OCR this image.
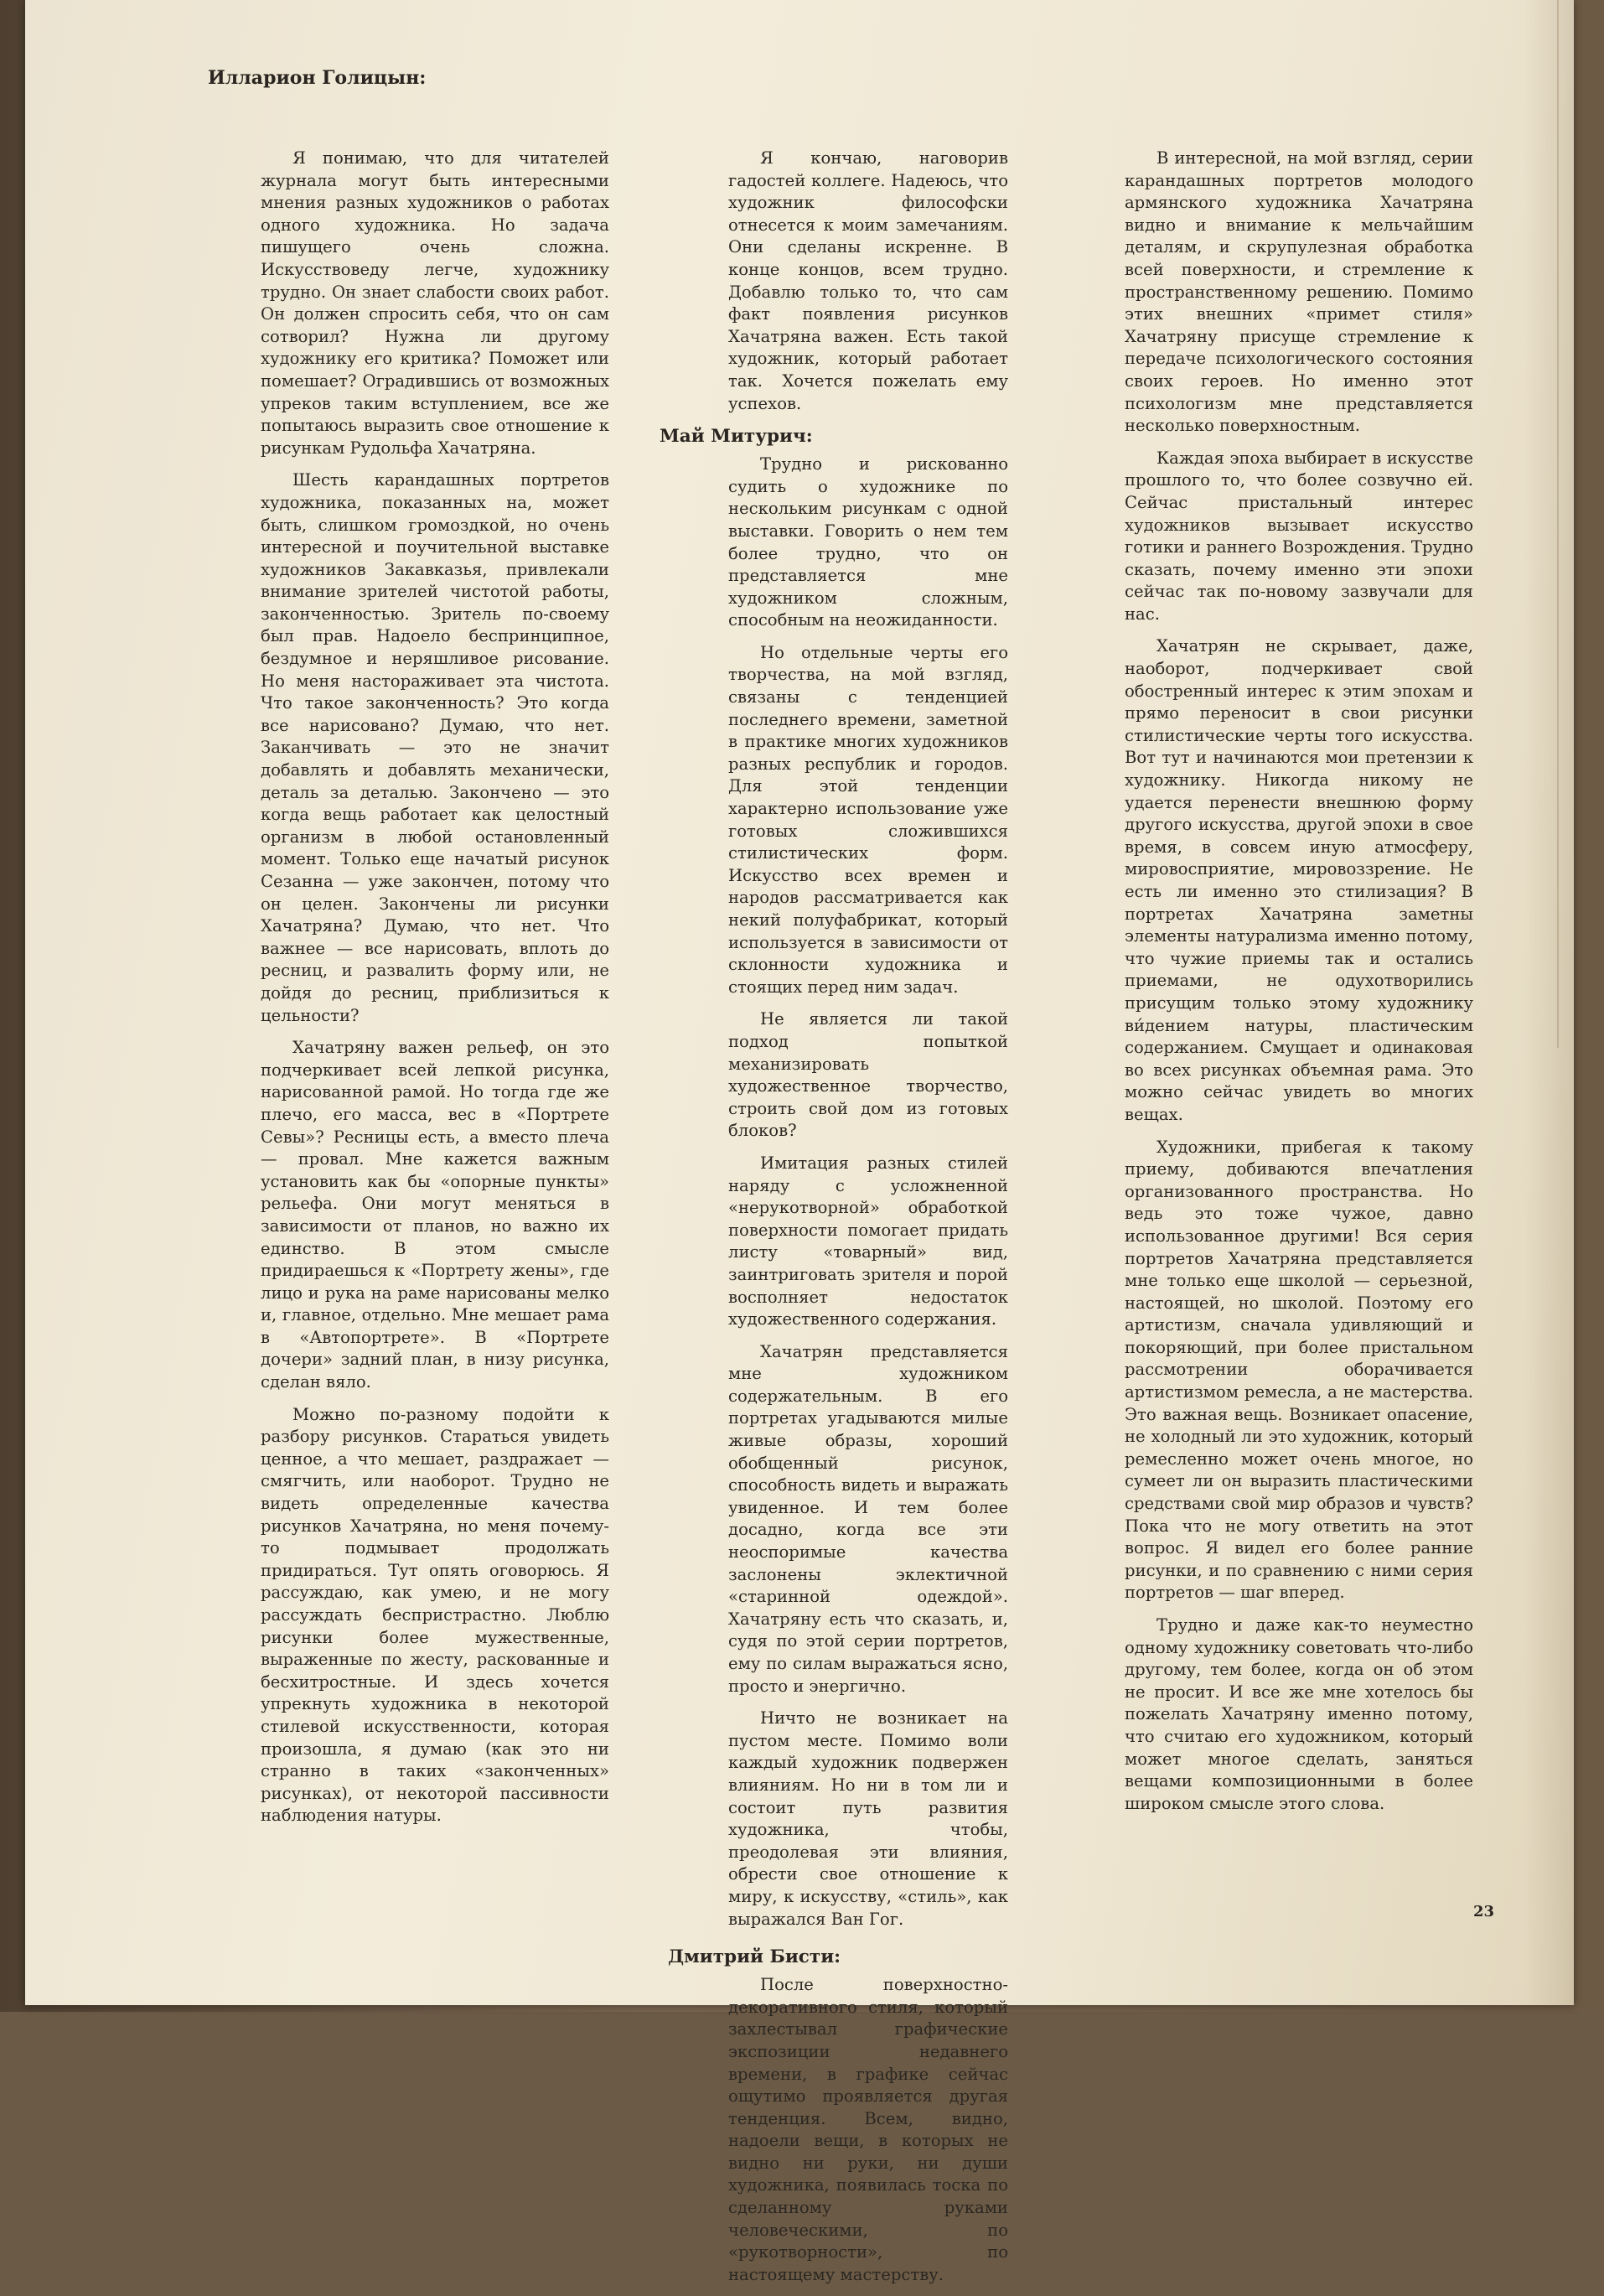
Илларион Голицын:

Я понимаю, что для читателей журнала могут быть интересными мнения разных художников о работах одного художника. Но задача пишущего очень сложна. Искусствоведу легче, художнику трудно. Он знает слабости своих работ. Он должен спросить себя, что он сам сотворил? Нужна ли другому художнику его критика? Поможет или помешает? Оградившись от возможных упреков таким вступлением, все же попытаюсь выразить свое отношение к рисункам Рудольфа Хачатряна.

Шесть карандашных портретов художника, показанных на, может быть, слишком громоздкой, но очень интересной и поучительной выставке художников Закавказья, привлекали внимание зрителей чистотой работы, законченностью. Зритель по-своему был прав. Надоело беспринципное, бездумное и неряшливое рисование. Но меня настораживает эта чистота. Что такое законченность? Это когда все нарисовано? Думаю, что нет. Заканчивать — это не значит добавлять и добавлять механически, деталь за деталью. Закончено — это когда вещь работает как целостный организм в любой остановленный момент. Только еще начатый рисунок Сезанна — уже закончен, потому что он целен. Закончены ли рисунки Хачатряна? Думаю, что нет. Что важнее — все нарисовать, вплоть до ресниц, и развалить форму или, не дойдя до ресниц, приблизиться к цельности?

Хачатряну важен рельеф, он это подчеркивает всей лепкой рисунка, нарисованной рамой. Но тогда где же плечо, его масса, вес в «Портрете Севы»? Ресницы есть, а вместо плеча — провал. Мне кажется важным установить как бы «опорные пункты» рельефа. Они могут меняться в зависимости от планов, но важно их единство. В этом смысле придираешься к «Портрету жены», где лицо и рука на раме нарисованы мелко и, главное, отдельно. Мне мешает рама в «Автопортрете». В «Портрете дочери» задний план, в низу рисунка, сделан вяло.

Можно по-разному подойти к разбору рисунков. Стараться увидеть ценное, а что мешает, раздражает — смягчить, или наоборот. Трудно не видеть определенные качества рисунков Хачатряна, но меня почему-то подмывает продолжать придираться. Тут опять оговорюсь. Я рассуждаю, как умею, и не могу рассуждать беспристрастно. Люблю рисунки более мужественные, выраженные по жесту, раскованные и бесхитростные. И здесь хочется упрекнуть художника в некоторой стилевой искусственности, которая произошла, я думаю (как это ни странно в таких «законченных» рисунках), от некоторой пассивности наблюдения натуры.

Я кончаю, наговорив гадостей коллеге. Надеюсь, что художник философски отнесется к моим замечаниям. Они сделаны искренне. В конце концов, всем трудно. Добавлю только то, что сам факт появления рисунков Хачатряна важен. Есть такой художник, который работает так. Хочется пожелать ему успехов.

Май Митурич:

Трудно и рискованно судить о художнике по нескольким рисункам с одной выставки. Говорить о нем тем более трудно, что он представляется мне художником сложным, способным на неожиданности.

Но отдельные черты его творчества, на мой взгляд, связаны с тенденцией последнего времени, заметной в практике многих художников разных республик и городов. Для этой тенденции характерно использование уже готовых сложившихся стилистических форм. Искусство всех времен и народов рассматривается как некий полуфабрикат, который используется в зависимости от склонности художника и стоящих перед ним задач.

Не является ли такой подход попыткой механизировать художественное творчество, строить свой дом из готовых блоков?

Имитация разных стилей наряду с усложненной «нерукотворной» обработкой поверхности помогает придать листу «товарный» вид, заинтриговать зрителя и порой восполняет недостаток художественного содержания.

Хачатрян представляется мне художником содержательным. В его портретах угадываются милые живые образы, хороший обобщенный рисунок, способность видеть и выражать увиденное. И тем более досадно, когда все эти неоспоримые качества заслонены эклектичной «старинной одеждой». Хачатряну есть что сказать, и, судя по этой серии портретов, ему по силам выражаться ясно, просто и энергично.

Ничто не возникает на пустом месте. Помимо воли каждый художник подвержен влияниям. Но ни в том ли и состоит путь развития художника, чтобы, преодолевая эти влияния, обрести свое отношение к миру, к искусству, «стиль», как выражался Ван Гог.

Дмитрий Бисти:

После поверхностно-декоративного стиля, который захлестывал графические экспозиции недавнего времени, в графике сейчас ощутимо проявляется другая тенденция. Всем, видно, надоели вещи, в которых не видно ни руки, ни души художника, появилась тоска по сделанному руками человеческими, по «рукотворности», по настоящему мастерству.

В интересной, на мой взгляд, серии карандашных портретов молодого армянского художника Хачатряна видно и внимание к мельчайшим деталям, и скрупулезная обработка всей поверхности, и стремление к пространственному решению. Помимо этих внешних «примет стиля» Хачатряну присуще стремление к передаче психологического состояния своих героев. Но именно этот психологизм мне представляется несколько поверхностным.

Каждая эпоха выбирает в искусстве прошлого то, что более созвучно ей. Сейчас пристальный интерес художников вызывает искусство готики и раннего Возрождения. Трудно сказать, почему именно эти эпохи сейчас так по-новому зазвучали для нас.

Хачатрян не скрывает, даже, наоборот, подчеркивает свой обостренный интерес к этим эпохам и прямо переносит в свои рисунки стилистические черты того искусства. Вот тут и начинаются мои претензии к художнику. Никогда никому не удается перенести внешнюю форму другого искусства, другой эпохи в свое время, в совсем иную атмосферу, мировосприятие, мировоззрение. Не есть ли именно это стилизация? В портретах Хачатряна заметны элементы натурализма именно потому, что чужие приемы так и остались приемами, не одухотворились присущим только этому художнику ви́дением натуры, пластическим содержанием. Смущает и одинаковая во всех рисунках объемная рама. Это можно сейчас увидеть во многих вещах.

Художники, прибегая к такому приему, добиваются впечатления организованного пространства. Но ведь это тоже чужое, давно использованное другими! Вся серия портретов Хачатряна представляется мне только еще школой — серьезной, настоящей, но школой. Поэтому его артистизм, сначала удивляющий и покоряющий, при более пристальном рассмотрении оборачивается артистизмом ремесла, а не мастерства. Это важная вещь. Возникает опасение, не холодный ли это художник, который ремесленно может очень многое, но сумеет ли он выразить пластическими средствами свой мир образов и чувств? Пока что не могу ответить на этот вопрос. Я видел его более ранние рисунки, и по сравнению с ними серия портретов — шаг вперед.

Трудно и даже как-то неуместно одному художнику советовать что-либо другому, тем более, когда он об этом не просит. И все же мне хотелось бы пожелать Хачатряну именно потому, что считаю его художником, который может многое сделать, заняться вещами композиционными в более широком смысле этого слова.

23
